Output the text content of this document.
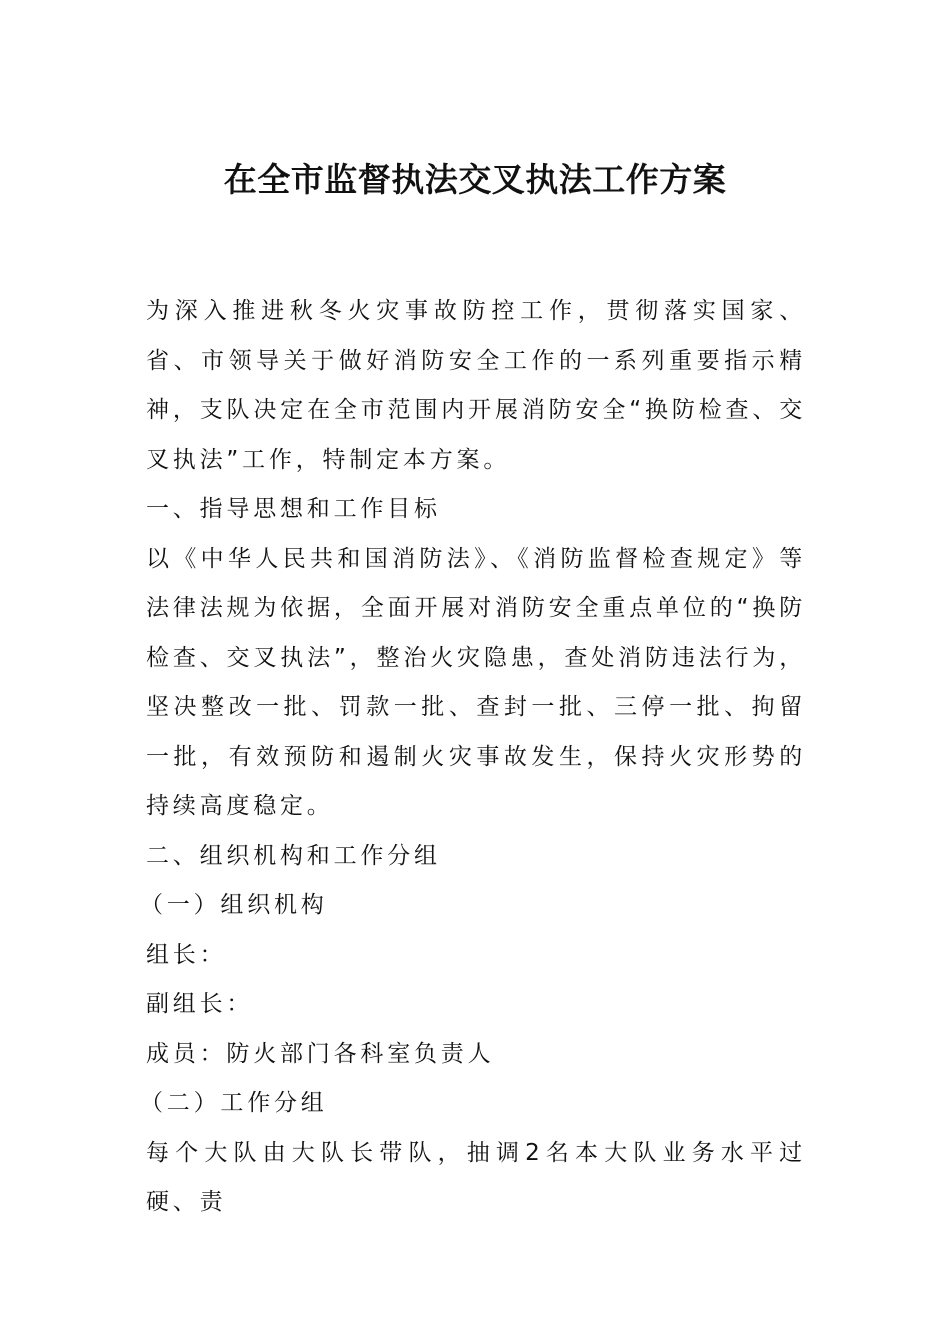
在全市监督执法交叉执法工作方案

为深入推进秋冬火灾事故防控工作，贯彻落实国家、省、市领导关于做好消防安全工作的一系列重要指示精神，支队决定在全市范围内开展消防安全“换防检查、交叉执法”工作，特制定本方案。

一、指导思想和工作目标

以《中华人民共和国消防法》、《消防监督检查规定》等法律法规为依据，全面开展对消防安全重点单位的“换防检查、交叉执法”，整治火灾隐患，查处消防违法行为，坚决整改一批、罚款一批、查封一批、三停一批、拘留一批，有效预防和遏制火灾事故发生，保持火灾形势的持续高度稳定。

二、组织机构和工作分组

（一）组织机构

组长：

副组长：

成员：防火部门各科室负责人

（二）工作分组

每个大队由大队长带队，抽调2名本大队业务水平过硬、责
